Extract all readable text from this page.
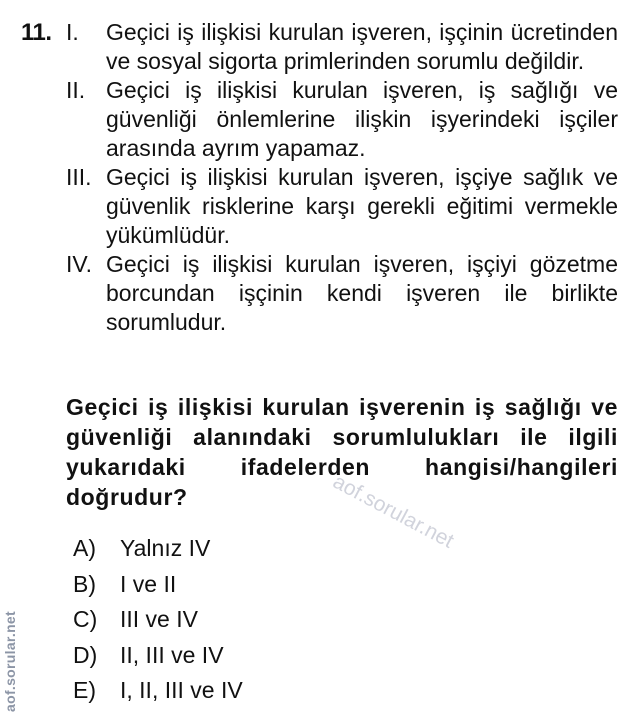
11. I.	Geçici iş ilişkisi kurulan işveren, işçinin ücretinden ve sosyal sigorta primlerinden sorumlu değildir.
II. Geçici iş ilişkisi kurulan işveren, iş sağlığı ve güvenliği önlemlerine ilişkin işyerindeki işçiler arasında ayrım yapamaz.
III. Geçici iş ilişkisi kurulan işveren, işçiye sağlık ve güvenlik risklerine karşı gerekli eğitimi vermekle yükümlüdür.
IV. Geçici iş ilişkisi kurulan işveren, işçiyi gözetme borcundan işçinin kendi işveren ile birlikte sorumludur.
Geçici iş ilişkisi kurulan işverenin iş sağlığı ve güvenliği alanındaki sorumlulukları ile ilgili yukarıdaki ifadelerden hangisi/hangileri doğrudur?
A)	Yalnız IV
B)	I ve II
C) III ve IV
D) II, III ve IV
E)	I, II, III ve IV
aof.sorular.net
aof.sorular.net
